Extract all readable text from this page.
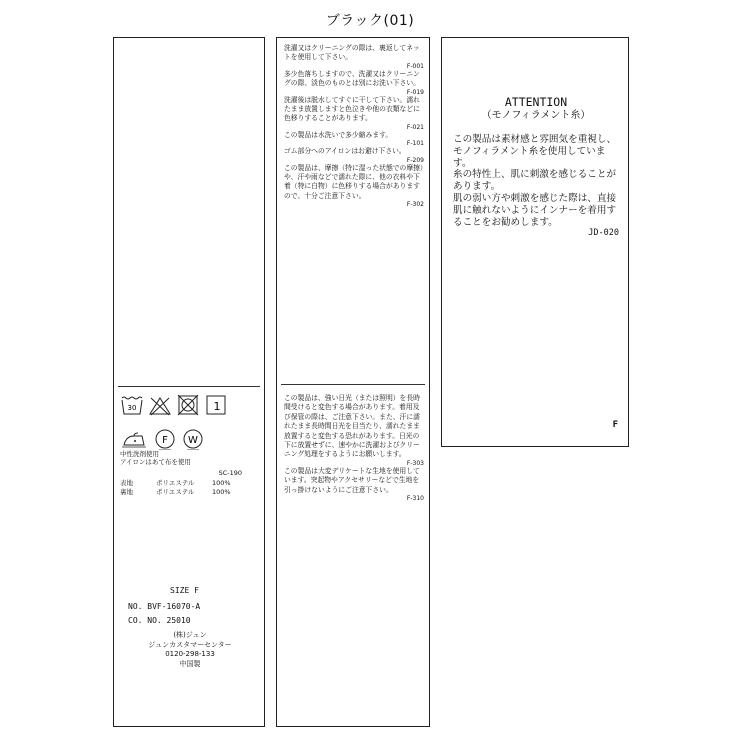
ブラック(01)
30	1
F W
中性洗剤使用
アイロンはあて布を使用
SC-190
表地	ポリエステル	100%
裏地	ポリエステル	100%
SIZE F
NO. BVF-16070-A
CO. NO. 25010
(株)ジュン
ジュンカスタマーセンター
0120-298-133
中国製

洗濯又はクリーニングの際は、裏返してネットを使用して下さい。

F-001

多少色落ちしますので、洗濯又はクリーニングの際、淡色のものとは別にお洗い下さい。

F-019

洗濯後は脱水してすぐに干して下さい。濡れたまま放置しますと色泣きや他の衣類などに色移りすることがあります。

F-021

この製品は水洗いで多少縮みます。

F-101

ゴム部分へのアイロンはお避け下さい。

F-209

この製品は、摩擦（特に湿った状態での摩擦）や、汗や雨などで濡れた際に、他の衣料や下着（特に白物）に色移りする場合がありますので、十分ご注意下さい。

F-302

この製品は、強い日光（または照明）を長時間受けると変色する場合があります。着用及び保管の際は、ご注意下さい。また、汗に濡れたまま長時間日光を目当たり、濡れたまま放置すると変色する恐れがあります。日光の下に放置せずに、速やかに洗濯およびクリーニング処理をするようにお願いします。

F-303

この製品は大変デリケートな生地を使用しています。突起物やアクセサリーなどで生地を引っ掛けないようにご注意下さい。

F-310
ATTENTION
（モノフィラメント糸）

この製品は素材感と雰囲気を重視し、モノフィラメント糸を使用しています。

糸の特性上、肌に刺激を感じることがあります。

肌の弱い方や刺激を感じた際は、直接肌に触れないようにインナーを着用することをお勧めします。

JD-020
F
